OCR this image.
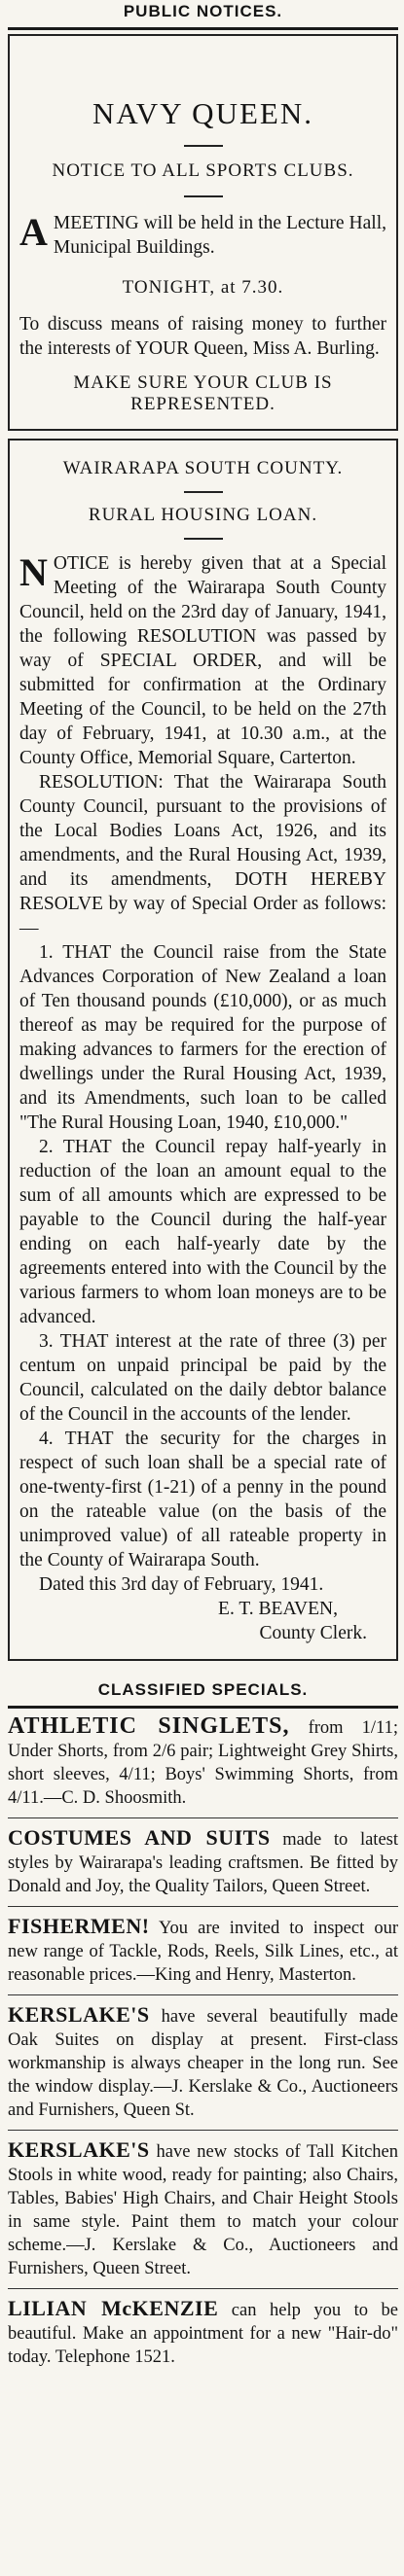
PUBLIC NOTICES.
NAVY QUEEN.
NOTICE TO ALL SPORTS CLUBS.
A MEETING will be held in the Lecture Hall, Municipal Buildings.
TONIGHT, at 7.30.
To discuss means of raising money to further the interests of YOUR Queen, Miss A. Burling.
MAKE SURE YOUR CLUB IS REPRESENTED.
WAIRARAPA SOUTH COUNTY.
RURAL HOUSING LOAN.
N OTICE is hereby given that at a Special Meeting of the Wairarapa South County Council, held on the 23rd day of January, 1941, the following RESOLUTION was passed by way of SPECIAL ORDER, and will be submitted for confirmation at the Ordinary Meeting of the Council, to be held on the 27th day of February, 1941, at 10.30 a.m., at the County Office, Memorial Square, Carterton.
RESOLUTION: That the Wairarapa South County Council, pursuant to the provisions of the Local Bodies Loans Act, 1926, and its amendments, and the Rural Housing Act, 1939, and its amendments, DOTH HEREBY RESOLVE by way of Special Order as follows:—
1. THAT the Council raise from the State Advances Corporation of New Zealand a loan of Ten thousand pounds (£10,000), or as much thereof as may be required for the purpose of making advances to farmers for the erection of dwellings under the Rural Housing Act, 1939, and its Amendments, such loan to be called "The Rural Housing Loan, 1940, £10,000."
2. THAT the Council repay half-yearly in reduction of the loan an amount equal to the sum of all amounts which are expressed to be payable to the Council during the half-year ending on each half-yearly date by the agreements entered into with the Council by the various farmers to whom loan moneys are to be advanced.
3. THAT interest at the rate of three (3) per centum on unpaid principal be paid by the Council, calculated on the daily debtor balance of the Council in the accounts of the lender.
4. THAT the security for the charges in respect of such loan shall be a special rate of one-twenty-first (1-21) of a penny in the pound on the rateable value (on the basis of the unimproved value) of all rateable property in the County of Wairarapa South.
Dated this 3rd day of February, 1941.
E. T. BEAVEN,
County Clerk.
CLASSIFIED SPECIALS.
ATHLETIC SINGLETS, from 1/11; Under Shorts, from 2/6 pair; Lightweight Grey Shirts, short sleeves, 4/11; Boys' Swimming Shorts, from 4/11.—C. D. Shoosmith.
COSTUMES AND SUITS made to latest styles by Wairarapa's leading craftsmen. Be fitted by Donald and Joy, the Quality Tailors, Queen Street.
FISHERMEN! You are invited to inspect our new range of Tackle, Rods, Reels, Silk Lines, etc., at reasonable prices.—King and Henry, Masterton.
KERSLAKE'S have several beautifully made Oak Suites on display at present. First-class workmanship is always cheaper in the long run. See the window display.—J. Kerslake & Co., Auctioneers and Furnishers, Queen St.
KERSLAKE'S have new stocks of Tall Kitchen Stools in white wood, ready for painting; also Chairs, Tables, Babies' High Chairs, and Chair Height Stools in same style. Paint them to match your colour scheme.—J. Kerslake & Co., Auctioneers and Furnishers, Queen Street.
LILIAN McKENZIE can help you to be beautiful. Make an appointment for a new "Hair-do" today. Telephone 1521.
